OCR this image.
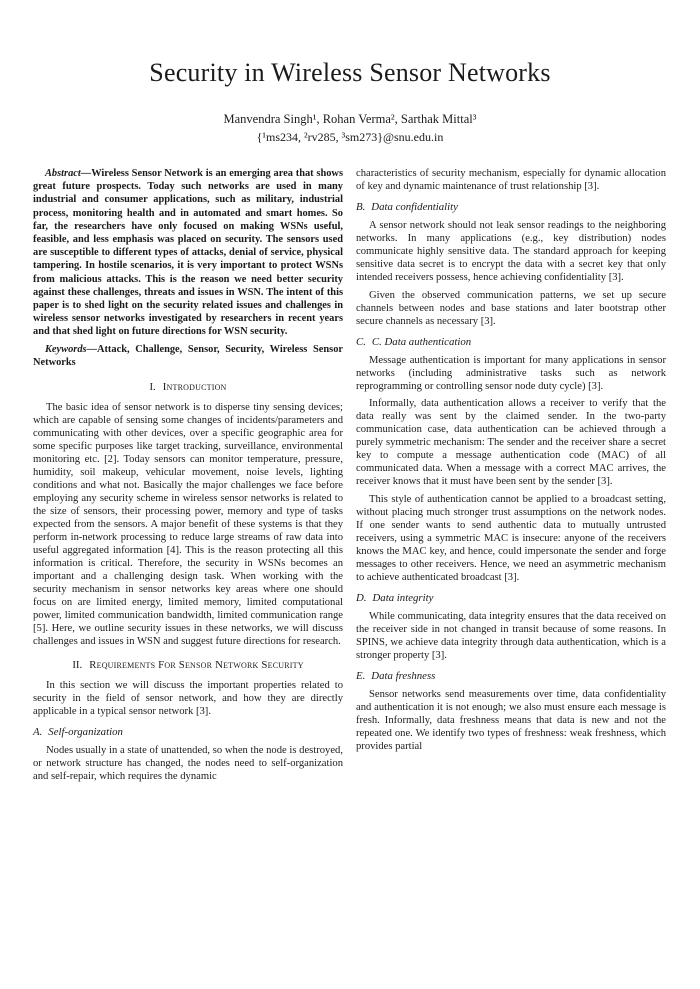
Security in Wireless Sensor Networks
Manvendra Singh¹, Rohan Verma², Sarthak Mittal³
{¹ms234, ²rv285, ³sm273}@snu.edu.in

Abstract—Wireless Sensor Network is an emerging area that shows great future prospects. Today such networks are used in many industrial and consumer applications, such as military, industrial process, monitoring health and in automated and smart homes. So far, the researchers have only focused on making WSNs useful, feasible, and less emphasis was placed on security. The sensors used are susceptible to different types of attacks, denial of service, physical tampering. In hostile scenarios, it is very important to protect WSNs from malicious attacks. This is the reason we need better security against these challenges, threats and issues in WSN. The intent of this paper is to shed light on the security related issues and challenges in wireless sensor networks investigated by researchers in recent years and that shed light on future directions for WSN security.

Keywords—Attack, Challenge, Sensor, Security, Wireless Sensor Networks

I. Introduction

The basic idea of sensor network is to disperse tiny sensing devices; which are capable of sensing some changes of incidents/parameters and communicating with other devices, over a specific geographic area for some specific purposes like target tracking, surveillance, environmental monitoring etc. [2]. Today sensors can monitor temperature, pressure, humidity, soil makeup, vehicular movement, noise levels, lighting conditions and what not. Basically the major challenges we face before employing any security scheme in wireless sensor networks is related to the size of sensors, their processing power, memory and type of tasks expected from the sensors. A major benefit of these systems is that they perform in-network processing to reduce large streams of raw data into useful aggregated information [4]. This is the reason protecting all this information is critical. Therefore, the security in WSNs becomes an important and a challenging design task. When working with the security mechanism in sensor networks key areas where one should focus on are limited energy, limited memory, limited computational power, limited communication bandwidth, limited communication range [5]. Here, we outline security issues in these networks, we will discuss challenges and issues in WSN and suggest future directions for research.

II. Requirements For Sensor Network Security

In this section we will discuss the important properties related to security in the field of sensor network, and how they are directly applicable in a typical sensor network [3].

A. Self-organization

Nodes usually in a state of unattended, so when the node is destroyed, or network structure has changed, the nodes need to self-organization and self-repair, which requires the dynamic

characteristics of security mechanism, especially for dynamic allocation of key and dynamic maintenance of trust relationship [3].

B. Data confidentiality

A sensor network should not leak sensor readings to the neighboring networks. In many applications (e.g., key distribution) nodes communicate highly sensitive data. The standard approach for keeping sensitive data secret is to encrypt the data with a secret key that only intended receivers possess, hence achieving confidentiality [3].

Given the observed communication patterns, we set up secure channels between nodes and base stations and later bootstrap other secure channels as necessary [3].

C. C. Data authentication

Message authentication is important for many applications in sensor networks (including administrative tasks such as network reprogramming or controlling sensor node duty cycle) [3].

Informally, data authentication allows a receiver to verify that the data really was sent by the claimed sender. In the two-party communication case, data authentication can be achieved through a purely symmetric mechanism: The sender and the receiver share a secret key to compute a message authentication code (MAC) of all communicated data. When a message with a correct MAC arrives, the receiver knows that it must have been sent by the sender [3].

This style of authentication cannot be applied to a broadcast setting, without placing much stronger trust assumptions on the network nodes. If one sender wants to send authentic data to mutually untrusted receivers, using a symmetric MAC is insecure: anyone of the receivers knows the MAC key, and hence, could impersonate the sender and forge messages to other receivers. Hence, we need an asymmetric mechanism to achieve authenticated broadcast [3].

D. Data integrity

While communicating, data integrity ensures that the data received on the receiver side in not changed in transit because of some reasons. In SPINS, we achieve data integrity through data authentication, which is a stronger property [3].

E. Data freshness

Sensor networks send measurements over time, data confidentiality and authentication it is not enough; we also must ensure each message is fresh. Informally, data freshness means that data is new and not the repeated one. We identify two types of freshness: weak freshness, which provides partial
